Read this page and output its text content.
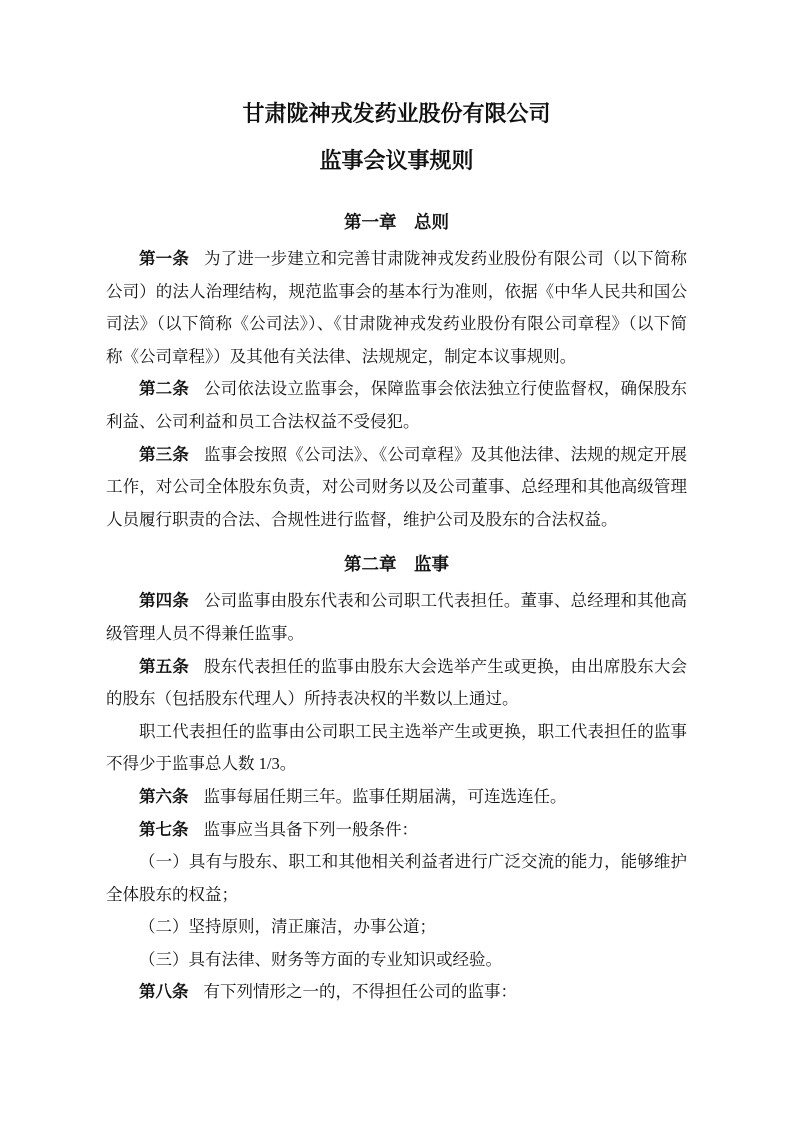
甘肃陇神戎发药业股份有限公司
监事会议事规则

第一章　总则

第一条 为了进一步建立和完善甘肃陇神戎发药业股份有限公司（以下简称公司）的法人治理结构，规范监事会的基本行为准则，依据《中华人民共和国公司法》（以下简称《公司法》）、《甘肃陇神戎发药业股份有限公司章程》（以下简称《公司章程》）及其他有关法律、法规规定，制定本议事规则。

第二条 公司依法设立监事会，保障监事会依法独立行使监督权，确保股东利益、公司利益和员工合法权益不受侵犯。

第三条 监事会按照《公司法》、《公司章程》及其他法律、法规的规定开展工作，对公司全体股东负责，对公司财务以及公司董事、总经理和其他高级管理人员履行职责的合法、合规性进行监督，维护公司及股东的合法权益。

第二章　监事

第四条 公司监事由股东代表和公司职工代表担任。董事、总经理和其他高级管理人员不得兼任监事。

第五条 股东代表担任的监事由股东大会选举产生或更换，由出席股东大会的股东（包括股东代理人）所持表决权的半数以上通过。

职工代表担任的监事由公司职工民主选举产生或更换，职工代表担任的监事不得少于监事总人数 1/3。

第六条 监事每届任期三年。监事任期届满，可连选连任。

第七条 监事应当具备下列一般条件：

（一）具有与股东、职工和其他相关利益者进行广泛交流的能力，能够维护全体股东的权益；

（二）坚持原则，清正廉洁，办事公道；

（三）具有法律、财务等方面的专业知识或经验。

第八条 有下列情形之一的，不得担任公司的监事：
